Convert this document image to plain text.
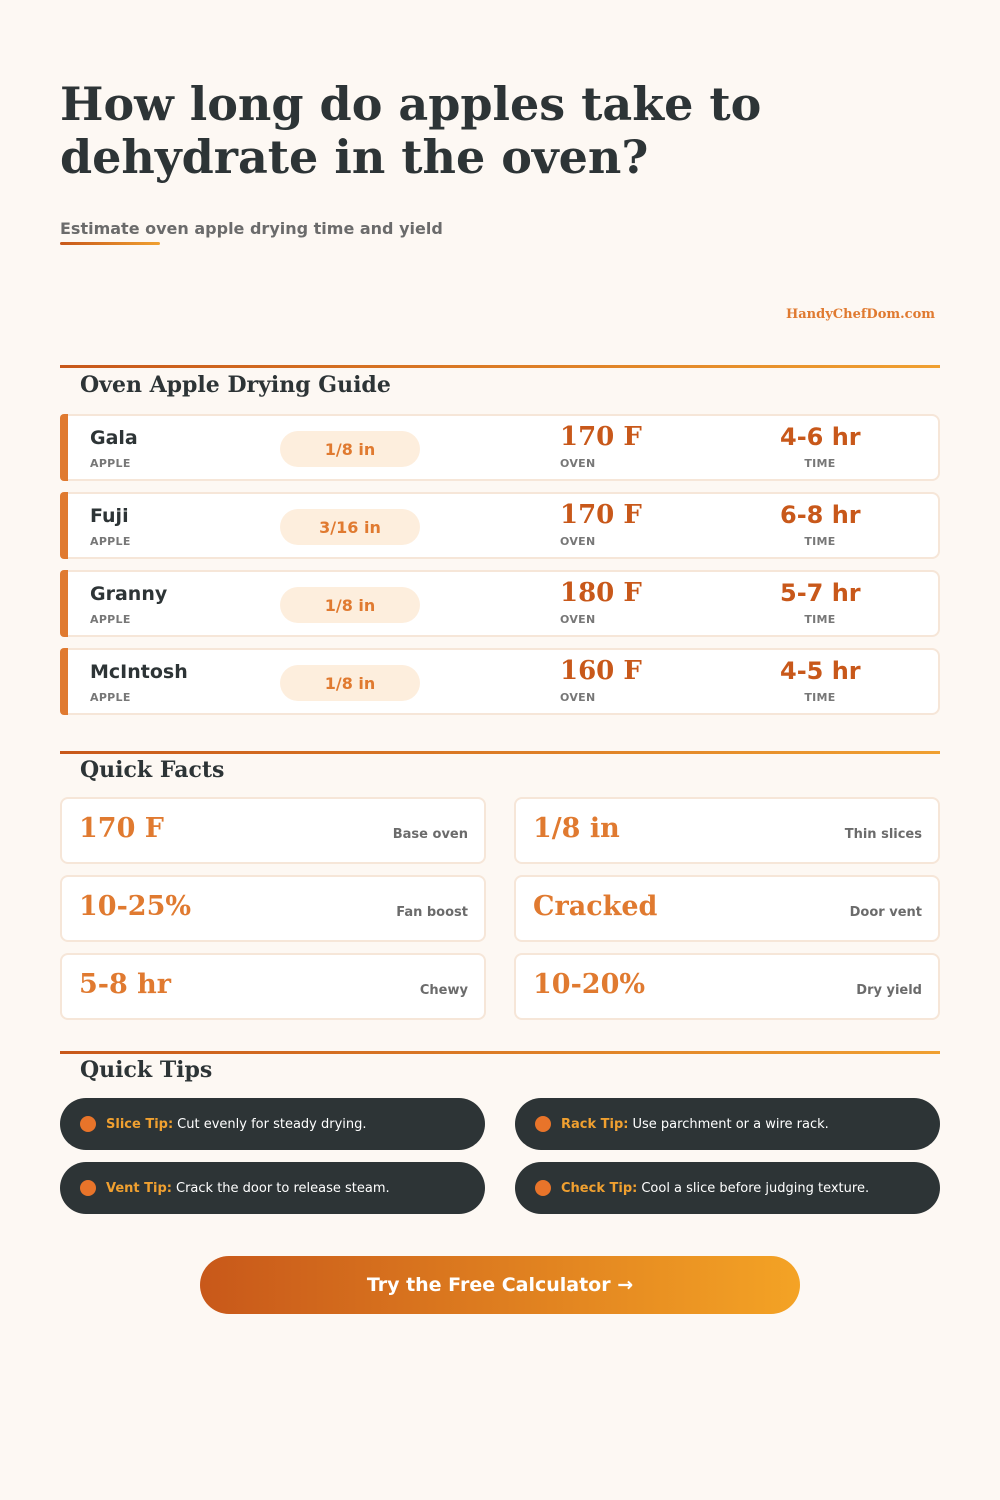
How long do apples take to dehydrate in the oven?
Estimate oven apple drying time and yield
HandyChefDom.com
Oven Apple Drying Guide
Gala
APPLE
1/8 in	170 F
OVEN
4-6 hr
TIME
Fuji
APPLE
3/16 in	170 F
OVEN
6-8 hr
TIME
Granny
APPLE
1/8 in	180 F
OVEN
5-7 hr
TIME
McIntosh
APPLE
1/8 in	160 F
OVEN
4-5 hr
TIME
Quick Facts
170 F	Base oven 1/8 in	Thin slices
10-25%	Fan boost Cracked	Door vent
5-8 hr	Chewy 10-20%	Dry yield
Quick Tips
Slice Tip: Cut evenly for steady drying.	Rack Tip: Use parchment or a wire rack.
Vent Tip: Crack the door to release steam.	Check Tip: Cool a slice before judging texture.
Try the Free Calculator →
